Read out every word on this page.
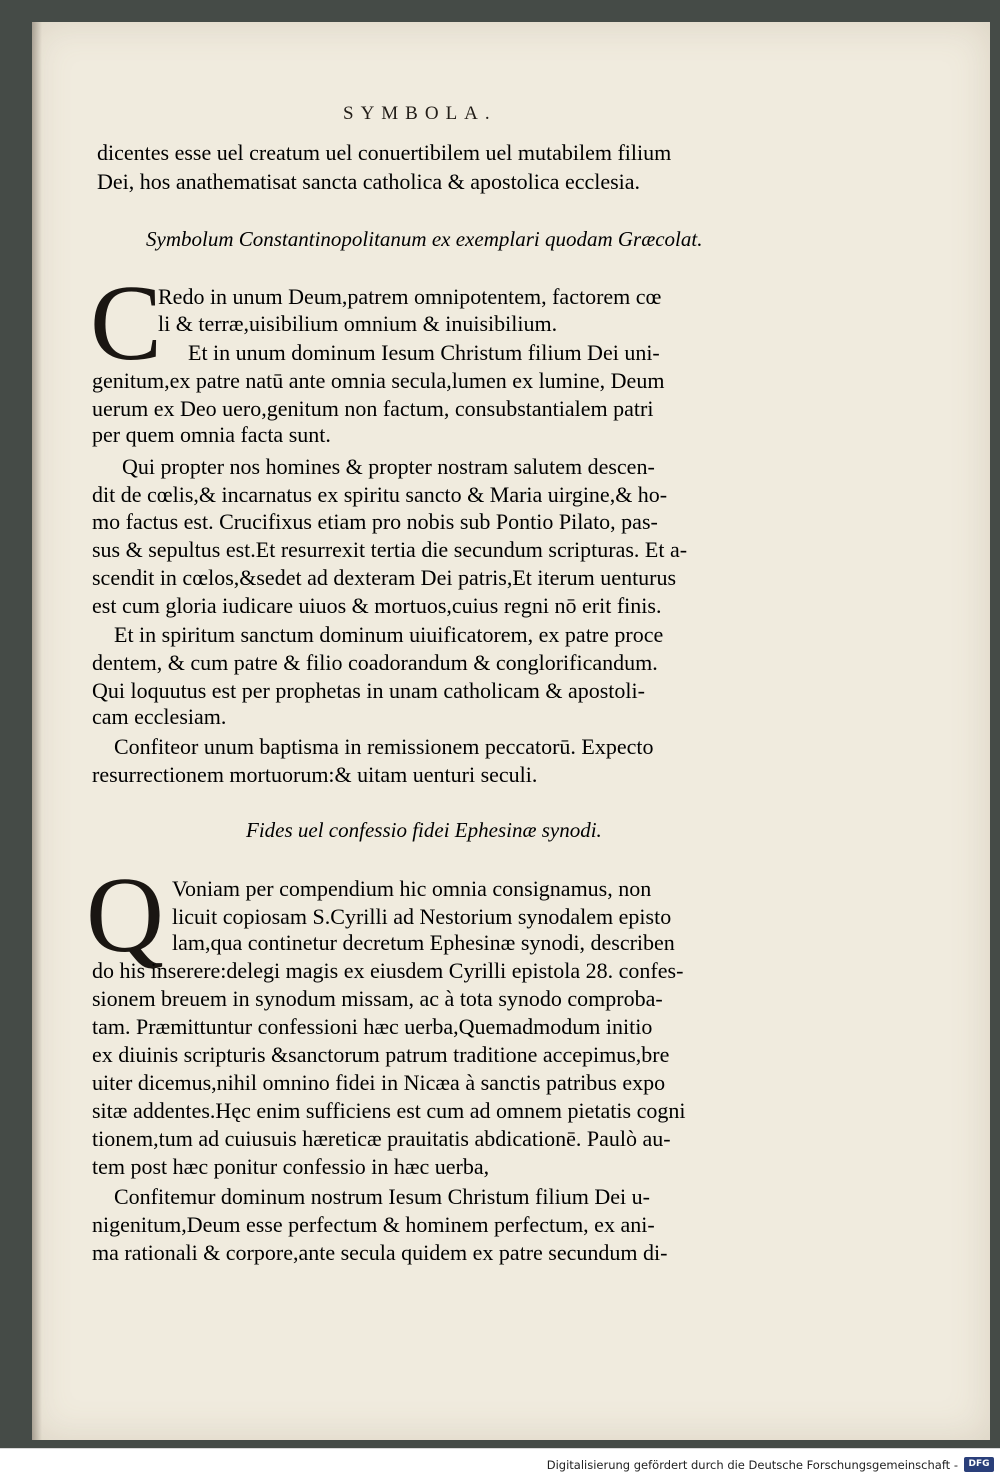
SYMBOLA.
dicentes esse uel creatum uel conuertibilem uel mutabilem filium
Dei, hos anathematisat sancta catholica & apostolica ecclesia.
Symbolum Constantinopolitanum ex exemplari quodam Græcolat.
C
Redo in unum Deum,patrem omnipotentem, factorem cœ
li & terræ,uisibilium omnium & inuisibilium.
Et in unum dominum Iesum Christum filium Dei uni-
genitum,ex patre natū ante omnia secula,lumen ex lumine, Deum
uerum ex Deo uero,genitum non factum, consubstantialem patri
per quem omnia facta sunt.
Qui propter nos homines & propter nostram salutem descen-
dit de cœlis,& incarnatus ex spiritu sancto & Maria uirgine,& ho-
mo factus est. Crucifixus etiam pro nobis sub Pontio Pilato, pas-
sus & sepultus est.Et resurrexit tertia die secundum scripturas. Et a-
scendit in cœlos,&sedet ad dexteram Dei patris,Et iterum uenturus
est cum gloria iudicare uiuos & mortuos,cuius regni nō erit finis.
Et in spiritum sanctum dominum uiuificatorem, ex patre proce
dentem, & cum patre & filio coadorandum & conglorificandum.
Qui loquutus est per prophetas in unam catholicam & apostoli-
cam ecclesiam.
Confiteor unum baptisma in remissionem peccatorū. Expecto
resurrectionem mortuorum:& uitam uenturi seculi.
Fides uel confessio fidei Ephesinæ synodi.
Q Voniam per compendium hic omnia consignamus, non
licuit copiosam S.Cyrilli ad Nestorium synodalem episto
lam,qua continetur decretum Ephesinæ synodi, describen
do his inserere:delegi magis ex eiusdem Cyrilli epistola 28. confes-
sionem breuem in synodum missam, ac à tota synodo comproba-
tam. Præmittuntur confessioni hæc uerba,Quemadmodum initio
ex diuinis scripturis &sanctorum patrum traditione accepimus,bre
uiter dicemus,nihil omnino fidei in Nicæa à sanctis patribus expo
sitæ addentes.Hęc enim sufficiens est cum ad omnem pietatis cogni
tionem,tum ad cuiusuis hæreticæ prauitatis abdicationē. Paulò au-
tem post hæc ponitur confessio in hæc uerba,
Confitemur dominum nostrum Iesum Christum filium Dei u-
nigenitum,Deum esse perfectum & hominem perfectum, ex ani-
ma rationali & corpore,ante secula quidem ex patre secundum di-
Digitalisierung gefördert durch die Deutsche Forschungsgemeinschaft -	DFG
